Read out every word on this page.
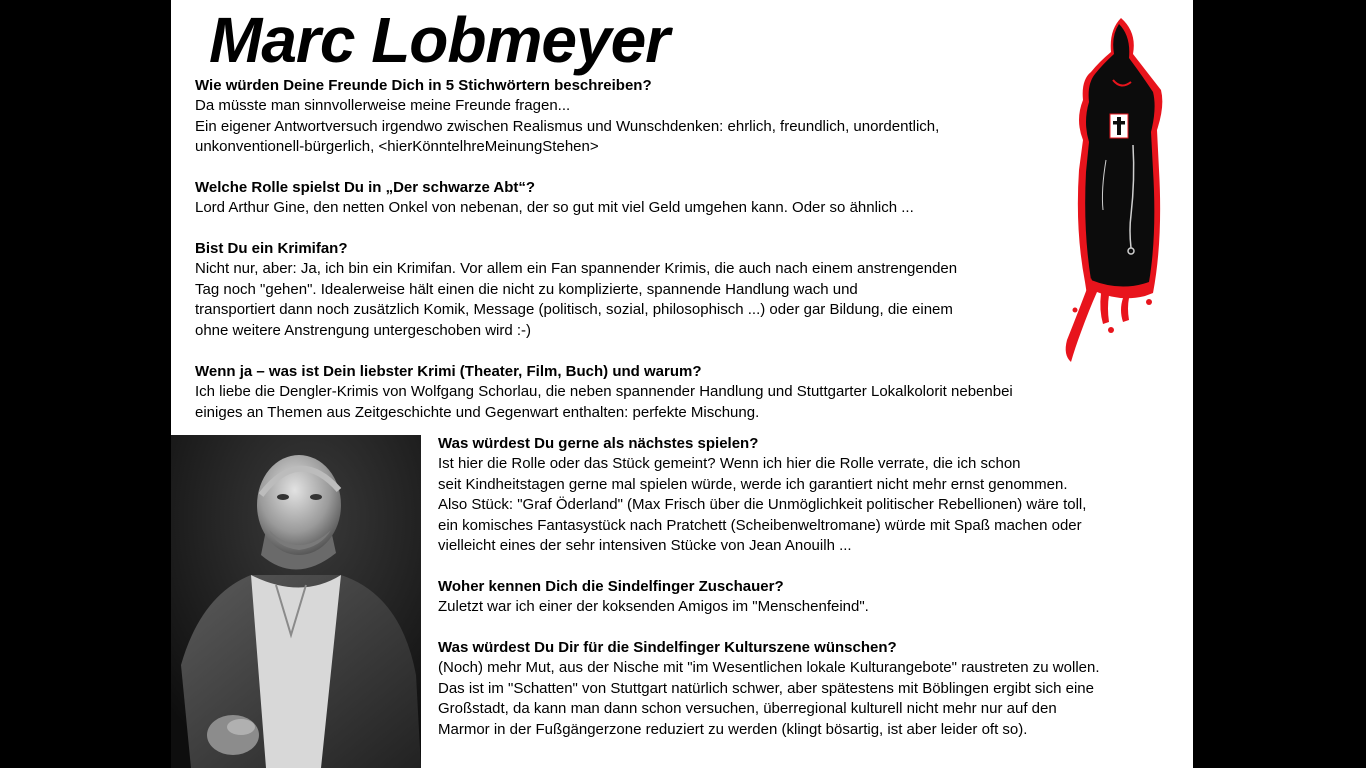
Marc Lobmeyer

Wie würden Deine Freunde Dich in 5 Stichwörtern beschreiben?

Da müsste man sinnvollerweise meine Freunde fragen...
Ein eigener Antwortversuch irgendwo zwischen Realismus und Wunschdenken: ehrlich, freundlich, unordentlich,
unkonventionell-bürgerlich, <hierKönntelhreMeinungStehen>

Welche Rolle spielst Du in „Der schwarze Abt“?

Lord Arthur Gine, den netten Onkel von nebenan, der so gut mit viel Geld umgehen kann. Oder so ähnlich ...

Bist Du ein Krimifan?

Nicht nur, aber: Ja, ich bin ein Krimifan. Vor allem ein Fan spannender Krimis, die auch nach einem anstrengenden
Tag noch "gehen". Idealerweise hält einen die nicht zu komplizierte, spannende Handlung wach und
transportiert dann noch zusätzlich Komik, Message (politisch, sozial, philosophisch ...) oder gar Bildung, die einem
ohne weitere Anstrengung untergeschoben wird :-)

Wenn ja – was ist Dein liebster Krimi (Theater, Film, Buch) und warum?

Ich liebe die Dengler-Krimis von Wolfgang Schorlau, die neben spannender Handlung und Stuttgarter Lokalkolorit nebenbei
einiges an Themen aus Zeitgeschichte und Gegenwart enthalten: perfekte Mischung.

Was würdest Du gerne als nächstes spielen?

Ist hier die Rolle oder das Stück gemeint? Wenn ich hier die Rolle verrate, die ich schon
seit Kindheitstagen gerne mal spielen würde, werde ich garantiert nicht mehr ernst genommen.
Also Stück: "Graf Öderland" (Max Frisch über die Unmöglichkeit politischer Rebellionen) wäre toll,
ein komisches Fantasystück nach Pratchett (Scheibenweltromane) würde mit Spaß machen oder
vielleicht eines der sehr intensiven Stücke von Jean Anouilh ...

Woher kennen Dich die Sindelfinger Zuschauer?

Zuletzt war ich einer der koksenden Amigos im "Menschenfeind".

Was würdest Du Dir für die Sindelfinger Kulturszene wünschen?

(Noch) mehr Mut, aus der Nische mit "im Wesentlichen lokale Kulturangebote" raustreten zu wollen.
Das ist im "Schatten" von Stuttgart natürlich schwer, aber spätestens mit Böblingen ergibt sich eine
Großstadt, da kann man dann schon versuchen, überregional kulturell nicht mehr nur auf den
Marmor in der Fußgängerzone reduziert zu werden (klingt bösartig, ist aber leider oft so).
